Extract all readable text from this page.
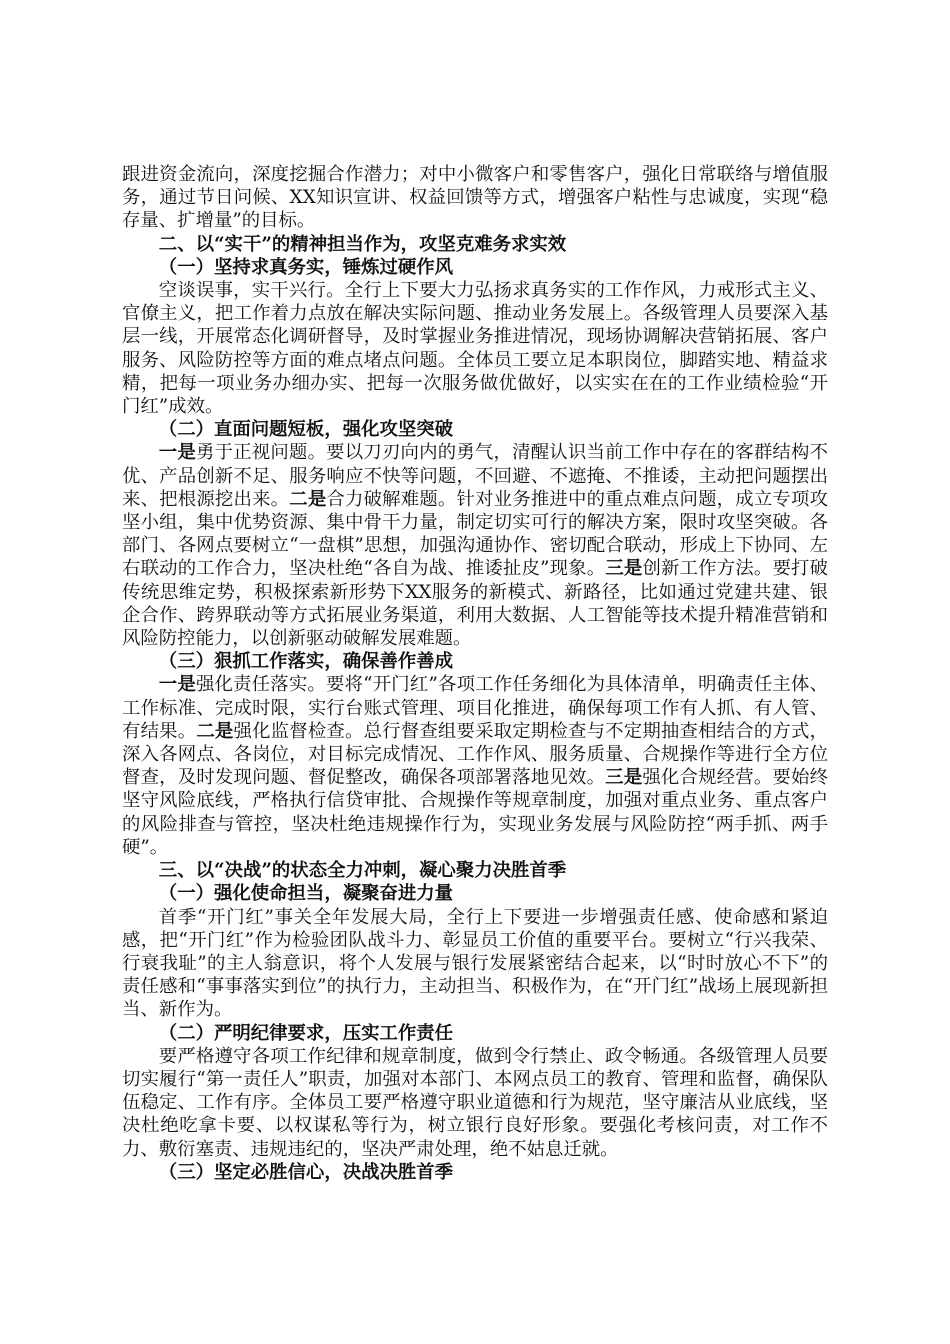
跟进资金流向，深度挖掘合作潜力；对中小微客户和零售客户，强化日常联络与增值服务，通过节日问候、XX知识宣讲、权益回馈等方式，增强客户粘性与忠诚度，实现“稳存量、扩增量”的目标。

二、以“实干”的精神担当作为，攻坚克难务求实效

（一）坚持求真务实，锤炼过硬作风

空谈误事，实干兴行。全行上下要大力弘扬求真务实的工作作风，力戒形式主义、官僚主义，把工作着力点放在解决实际问题、推动业务发展上。各级管理人员要深入基层一线，开展常态化调研督导，及时掌握业务推进情况，现场协调解决营销拓展、客户服务、风险防控等方面的难点堵点问题。全体员工要立足本职岗位，脚踏实地、精益求精，把每一项业务办细办实、把每一次服务做优做好，以实实在在的工作业绩检验“开门红”成效。

（二）直面问题短板，强化攻坚突破

一是勇于正视问题。要以刀刃向内的勇气，清醒认识当前工作中存在的客群结构不优、产品创新不足、服务响应不快等问题，不回避、不遮掩、不推诿，主动把问题摆出来、把根源挖出来。二是合力破解难题。针对业务推进中的重点难点问题，成立专项攻坚小组，集中优势资源、集中骨干力量，制定切实可行的解决方案，限时攻坚突破。各部门、各网点要树立“一盘棋”思想，加强沟通协作、密切配合联动，形成上下协同、左右联动的工作合力，坚决杜绝“各自为战、推诿扯皮”现象。三是创新工作方法。要打破传统思维定势，积极探索新形势下XX服务的新模式、新路径，比如通过党建共建、银企合作、跨界联动等方式拓展业务渠道，利用大数据、人工智能等技术提升精准营销和风险防控能力，以创新驱动破解发展难题。

（三）狠抓工作落实，确保善作善成

一是强化责任落实。要将“开门红”各项工作任务细化为具体清单，明确责任主体、工作标准、完成时限，实行台账式管理、项目化推进，确保每项工作有人抓、有人管、有结果。二是强化监督检查。总行督查组要采取定期检查与不定期抽查相结合的方式，深入各网点、各岗位，对目标完成情况、工作作风、服务质量、合规操作等进行全方位督查，及时发现问题、督促整改，确保各项部署落地见效。三是强化合规经营。要始终坚守风险底线，严格执行信贷审批、合规操作等规章制度，加强对重点业务、重点客户的风险排查与管控，坚决杜绝违规操作行为，实现业务发展与风险防控“两手抓、两手硬”。

三、以“决战”的状态全力冲刺，凝心聚力决胜首季

（一）强化使命担当，凝聚奋进力量

首季“开门红”事关全年发展大局，全行上下要进一步增强责任感、使命感和紧迫感，把“开门红”作为检验团队战斗力、彰显员工价值的重要平台。要树立“行兴我荣、行衰我耻”的主人翁意识，将个人发展与银行发展紧密结合起来，以“时时放心不下”的责任感和“事事落实到位”的执行力，主动担当、积极作为，在“开门红”战场上展现新担当、新作为。

（二）严明纪律要求，压实工作责任

要严格遵守各项工作纪律和规章制度，做到令行禁止、政令畅通。各级管理人员要切实履行“第一责任人”职责，加强对本部门、本网点员工的教育、管理和监督，确保队伍稳定、工作有序。全体员工要严格遵守职业道德和行为规范，坚守廉洁从业底线，坚决杜绝吃拿卡要、以权谋私等行为，树立银行良好形象。要强化考核问责，对工作不力、敷衍塞责、违规违纪的，坚决严肃处理，绝不姑息迁就。

（三）坚定必胜信心，决战决胜首季
